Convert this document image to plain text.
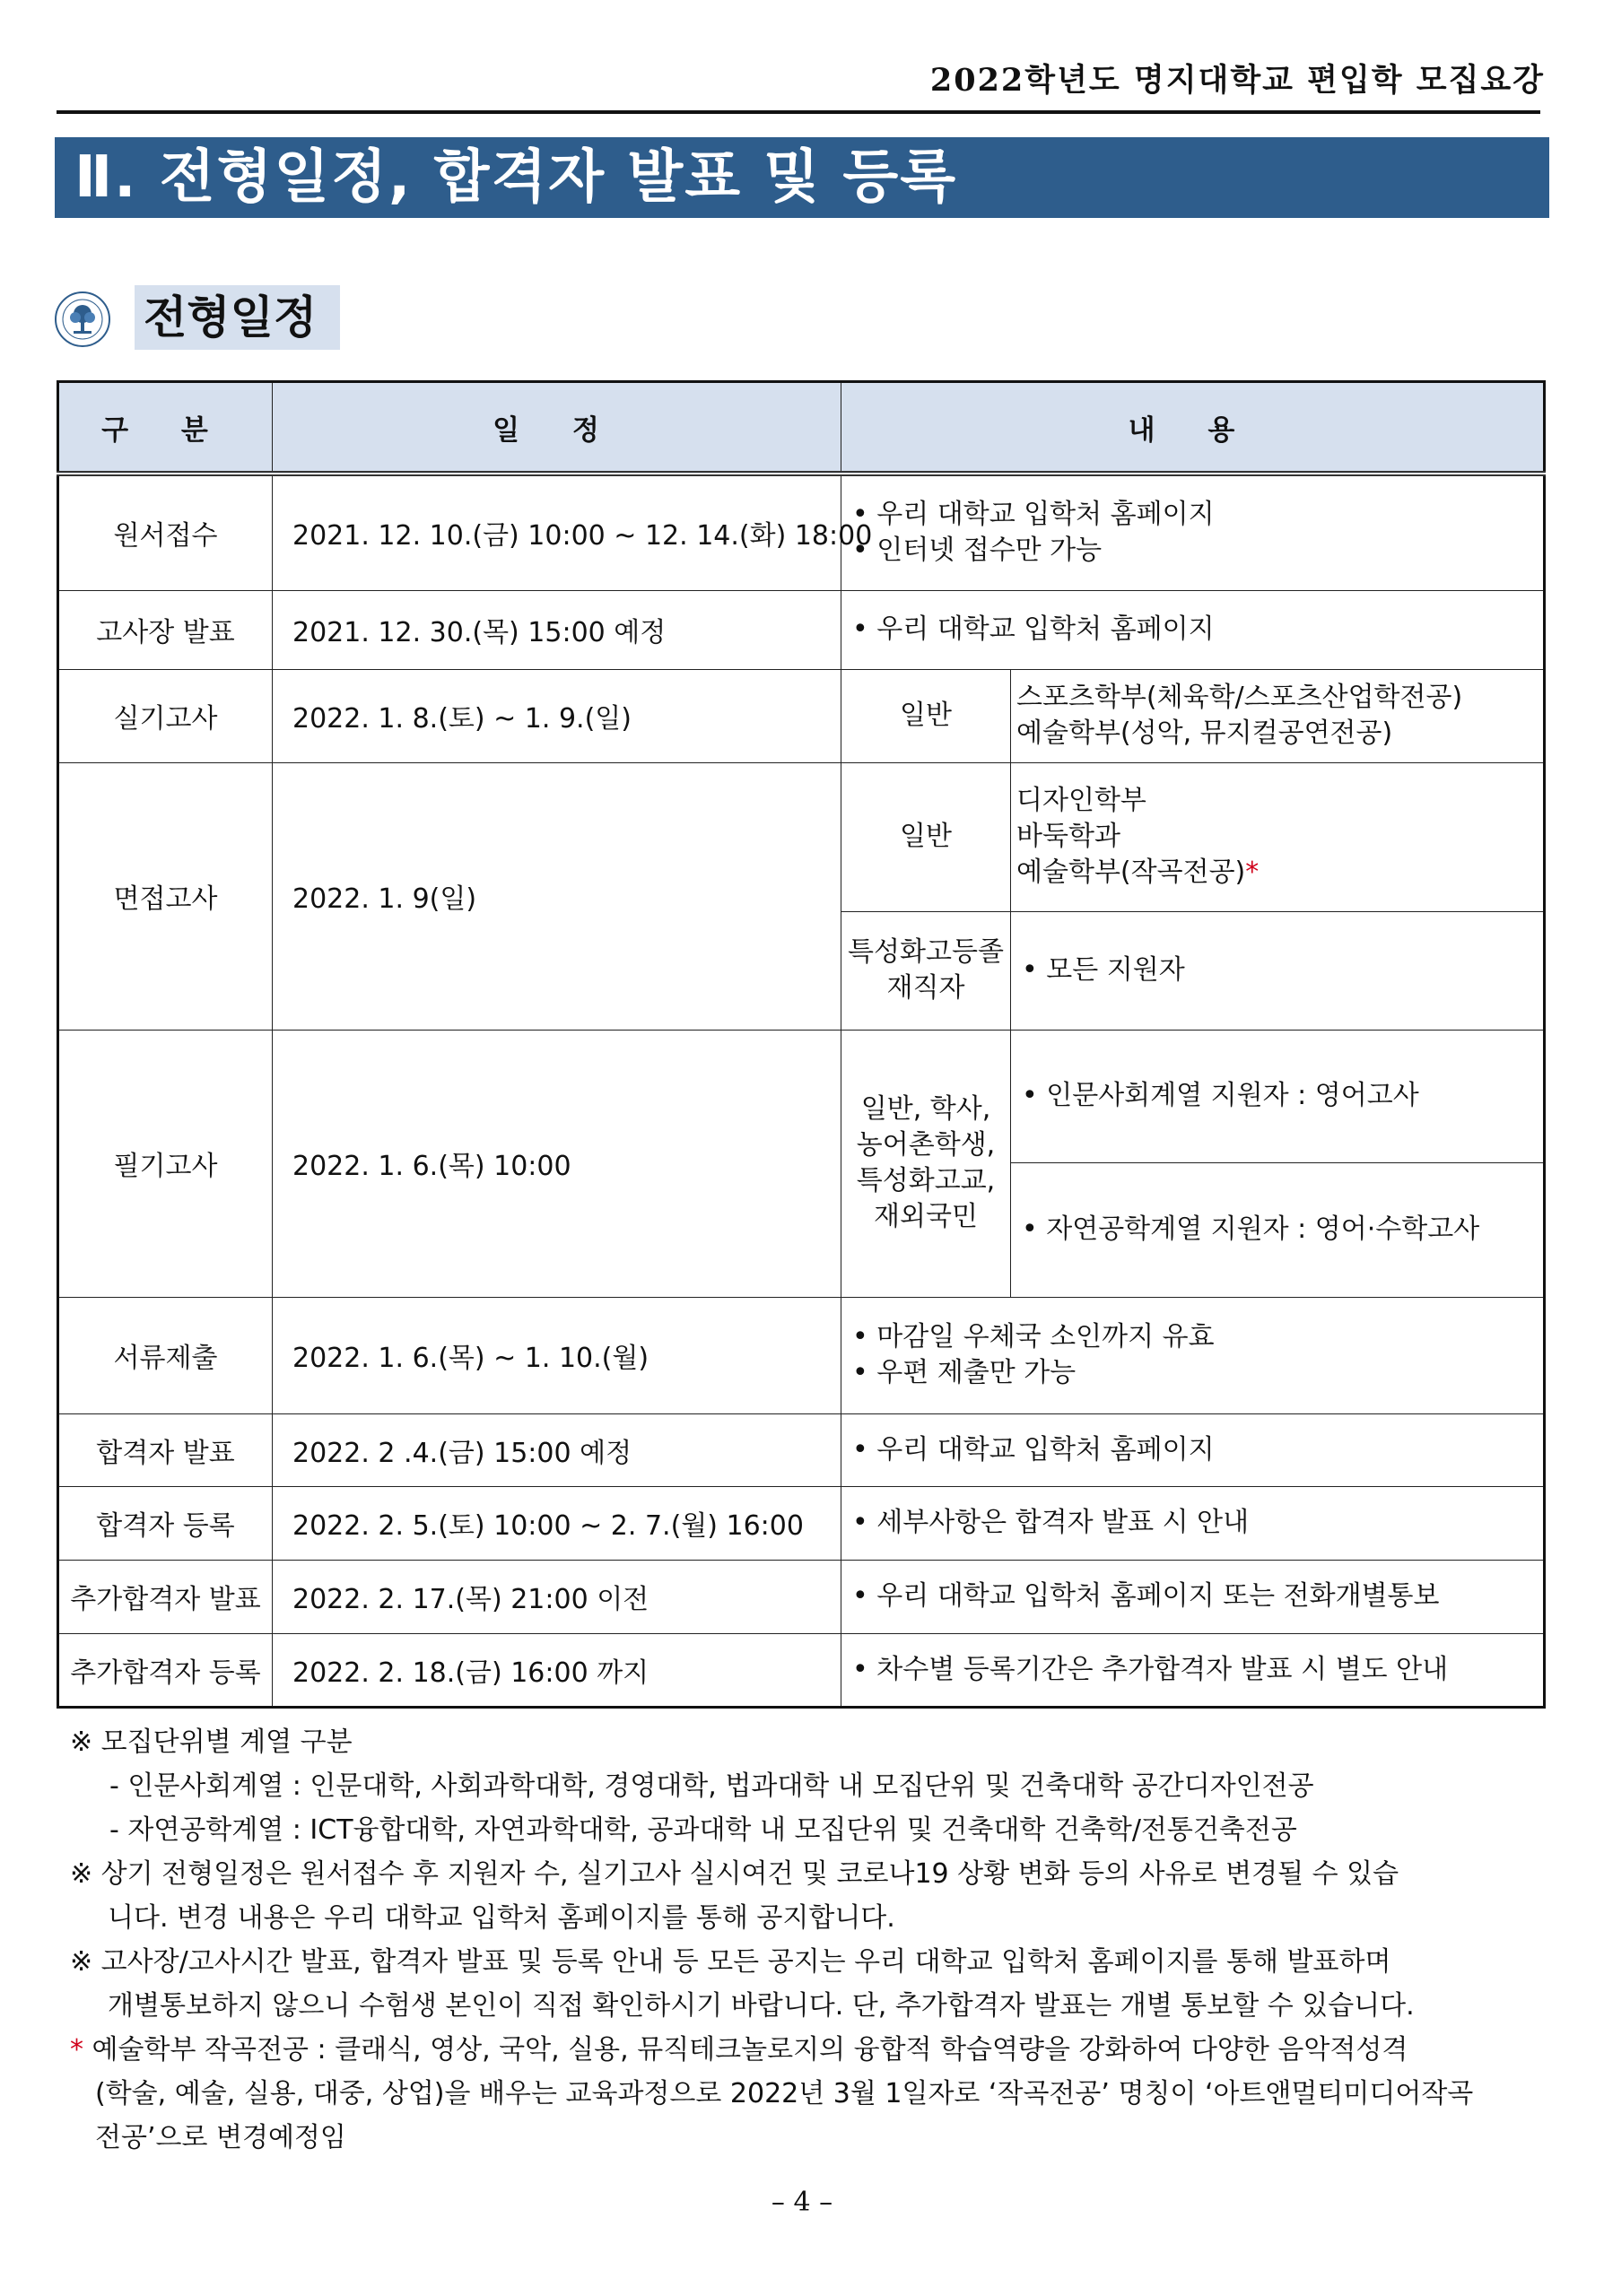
2022학년도 명지대학교 편입학 모집요강
Ⅱ. 전형일정, 합격자 발표 및 등록
전형일정
구 분	일 정	내 용	
원서접수	2021. 12. 10.(금) 10:00 ~ 12. 14.(화) 18:00	• 우리 대학교 입학처 홈페이지
• 인터넷 접수만 가능

고사장 발표	2021. 12. 30.(목) 15:00 예정	• 우리 대학교 입학처 홈페이지

실기고사	2022. 1. 8.(토) ~ 1. 9.(일)	일반	스포츠학부(체육학/스포츠산업학전공)
예술학부(성악, 뮤지컬공연전공)

면접고사	2022. 1. 9(일)	일반	디자인학부
바둑학과
예술학부(작곡전공)*

		특성화고등졸
재직자	• 모든 지원자

필기고사	2022. 1. 6.(목) 10:00	일반, 학사,
농어촌학생,
특성화고교,
재외국민	• 인문사회계열 지원자 : 영어고사

			• 자연공학계열 지원자 : 영어·수학고사

서류제출	2022. 1. 6.(목) ~ 1. 10.(월)	• 마감일 우체국 소인까지 유효
• 우편 제출만 가능

합격자 발표	2022. 2 .4.(금) 15:00 예정	• 우리 대학교 입학처 홈페이지

합격자 등록	2022. 2. 5.(토) 10:00 ~ 2. 7.(월) 16:00	• 세부사항은 합격자 발표 시 안내

추가합격자 발표	2022. 2. 17.(목) 21:00 이전	• 우리 대학교 입학처 홈페이지 또는 전화개별통보

추가합격자 등록	2022. 2. 18.(금) 16:00 까지	• 차수별 등록기간은 추가합격자 발표 시 별도 안내
※ 모집단위별 계열 구분
- 인문사회계열 : 인문대학, 사회과학대학, 경영대학, 법과대학 내 모집단위 및 건축대학 공간디자인전공
- 자연공학계열 : ICT융합대학, 자연과학대학, 공과대학 내 모집단위 및 건축대학 건축학/전통건축전공
※ 상기 전형일정은 원서접수 후 지원자 수, 실기고사 실시여건 및 코로나19 상황 변화 등의 사유로 변경될 수 있습
니다. 변경 내용은 우리 대학교 입학처 홈페이지를 통해 공지합니다.
※ 고사장/고사시간 발표, 합격자 발표 및 등록 안내 등 모든 공지는 우리 대학교 입학처 홈페이지를 통해 발표하며
개별통보하지 않으니 수험생 본인이 직접 확인하시기 바랍니다. 단, 추가합격자 발표는 개별 통보할 수 있습니다.
* 예술학부 작곡전공 : 클래식, 영상, 국악, 실용, 뮤직테크놀로지의 융합적 학습역량을 강화하여 다양한 음악적성격
(학술, 예술, 실용, 대중, 상업)을 배우는 교육과정으로 2022년 3월 1일자로 ‘작곡전공’ 명칭이 ‘아트앤멀티미디어작곡
전공’으로 변경예정임
– 4 –
